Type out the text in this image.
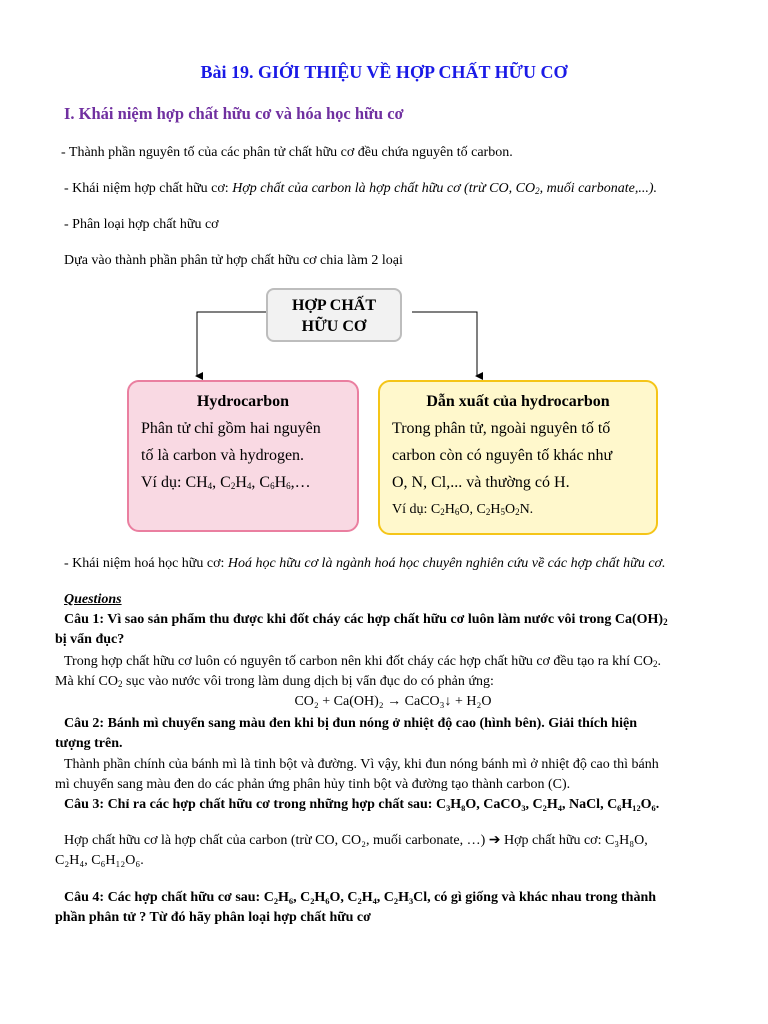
Bài 19. GIỚI THIỆU VỀ HỢP CHẤT HỮU CƠ
I. Khái niệm hợp chất hữu cơ và hóa học hữu cơ
- Thành phần nguyên tố của các phân tử chất hữu cơ đều chứa nguyên tố carbon.
- Khái niệm hợp chất hữu cơ: Hợp chất của carbon là hợp chất hữu cơ (trừ CO, $CO_2$, muối carbonate,...).
- Phân loại hợp chất hữu cơ
Dựa vào thành phần phân tử hợp chất hữu cơ chia làm 2 loại
HỢP CHẤT
HỮU CƠ
Hydrocarbon
Phân tử chỉ gồm hai nguyên
tố là carbon và hydrogen.
Ví dụ: $CH_4$, $C_2H_4$, $C_6H_6,\dots$
Dẫn xuất của hydrocarbon
Trong phân tử, ngoài nguyên tố tố
carbon còn có nguyên tố khác như
O, N, Cl,... và thường có H.
Ví dụ: $C_2H_6O$, $C_2H_5O_2N$.
- Khái niệm hoá học hữu cơ: Hoá học hữu cơ là ngành hoá học chuyên nghiên cứu về các hợp chất hữu cơ.
Questions
Câu 1: Vì sao sản phẩm thu được khi đốt cháy các hợp chất hữu cơ luôn làm nước vôi trong $Ca(OH)_2$
bị vẩn đục?
Trong hợp chất hữu cơ luôn có nguyên tố carbon nên khi đốt cháy các hợp chất hữu cơ đều tạo ra khí $CO_2$.
Mà khí $CO_2$ sục vào nước vôi trong làm dung dịch bị vẩn đục do có phản ứng:
CO₂ + Ca(OH)₂ → CaCO₃↓ + H₂O
Câu 2: Bánh mì chuyển sang màu đen khi bị đun nóng ở nhiệt độ cao (hình bên). Giải thích hiện
tượng trên.
Thành phần chính của bánh mì là tinh bột và đường. Vì vậy, khi đun nóng bánh mì ở nhiệt độ cao thì bánh
mì chuyển sang màu đen do các phản ứng phân hủy tinh bột và đường tạo thành carbon (C).
Câu 3: Chỉ ra các hợp chất hữu cơ trong những hợp chất sau: C₃H₈O, CaCO₃, C₂H₄, NaCl, C₆H₁₂O₆.
Hợp chất hữu cơ là hợp chất của carbon (trừ CO, CO₂, muối carbonate, …) ➔ Hợp chất hữu cơ: C₃H₈O,
C₂H₄, C₆H₁₂O₆.
Câu 4: Các hợp chất hữu cơ sau: C₂H₆, C₂H₆O, C₂H₄, C₂H₃Cl, có gì giống và khác nhau trong thành
phần phân tử ? Từ đó hãy phân loại hợp chất hữu cơ
